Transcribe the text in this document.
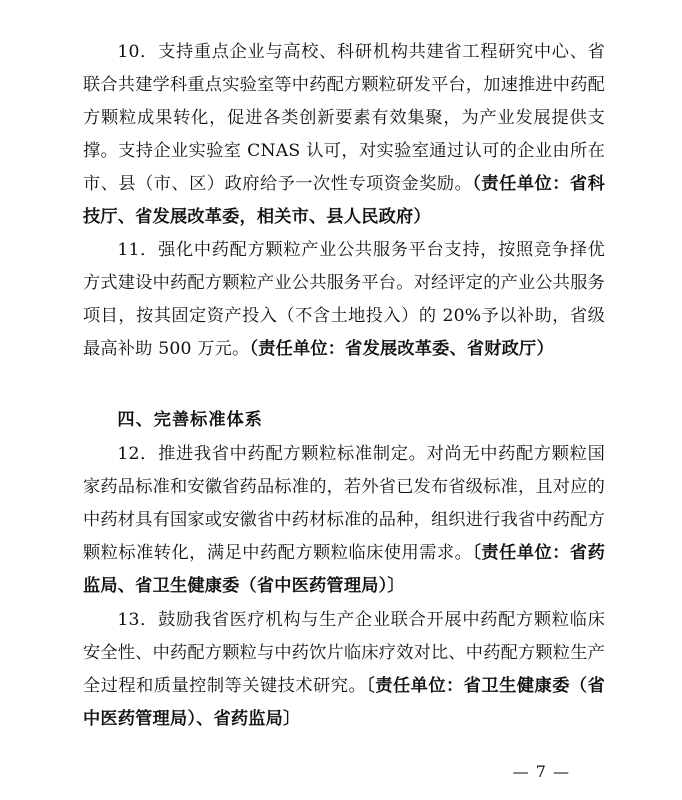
10．支持重点企业与高校、科研机构共建省工程研究中心、省联合共建学科重点实验室等中药配方颗粒研发平台，加速推进中药配方颗粒成果转化，促进各类创新要素有效集聚，为产业发展提供支撑。支持企业实验室 CNAS 认可，对实验室通过认可的企业由所在市、县（市、区）政府给予一次性专项资金奖励。（责任单位：省科技厅、省发展改革委，相关市、县人民政府）

11．强化中药配方颗粒产业公共服务平台支持，按照竞争择优方式建设中药配方颗粒产业公共服务平台。对经评定的产业公共服务项目，按其固定资产投入（不含土地投入）的 20%予以补助，省级最高补助 500 万元。（责任单位：省发展改革委、省财政厅）

四、完善标准体系

12．推进我省中药配方颗粒标准制定。对尚无中药配方颗粒国家药品标准和安徽省药品标准的，若外省已发布省级标准，且对应的中药材具有国家或安徽省中药材标准的品种，组织进行我省中药配方颗粒标准转化，满足中药配方颗粒临床使用需求。〔责任单位：省药监局、省卫生健康委（省中医药管理局）〕

13．鼓励我省医疗机构与生产企业联合开展中药配方颗粒临床安全性、中药配方颗粒与中药饮片临床疗效对比、中药配方颗粒生产全过程和质量控制等关键技术研究。〔责任单位：省卫生健康委（省中医药管理局）、省药监局〕

— 7 —
